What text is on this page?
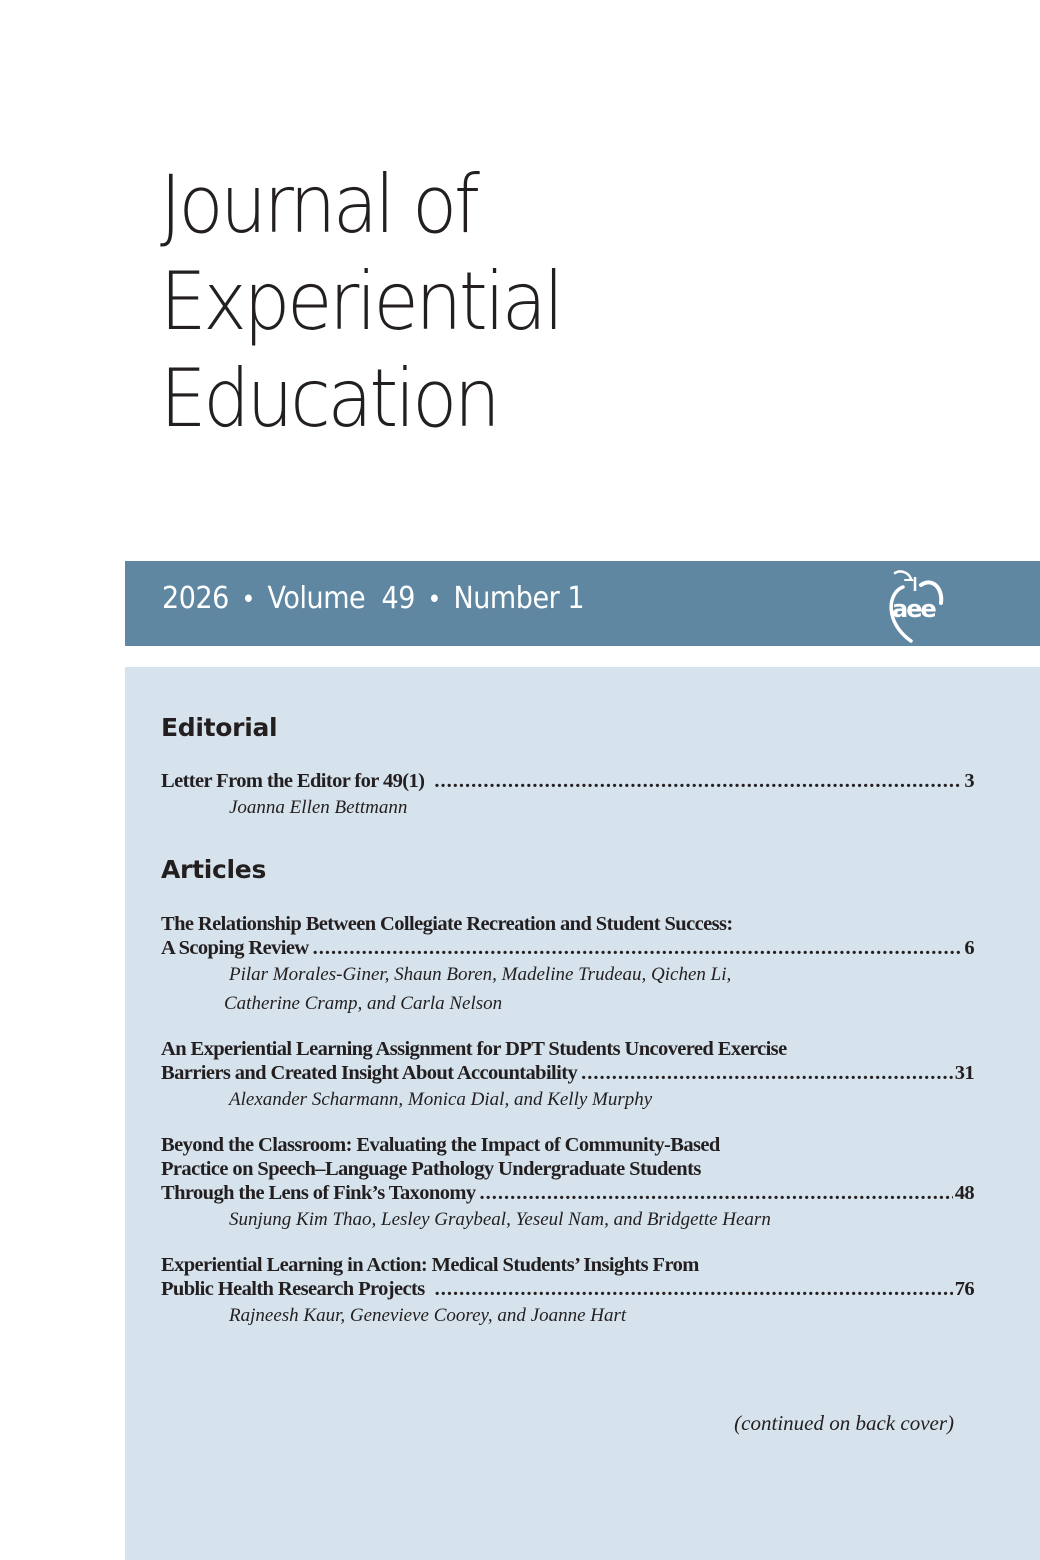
Journal of
Experiential
Education
2026 • Volume 49 • Number 1	aee
Editorial
Letter From the Editor for 49(1) .....	3
Joanna Ellen Bettmann
Articles
The Relationship Between Collegiate Recreation and Student Success:
A Scoping Review .....	6
Pilar Morales-Giner, Shaun Boren, Madeline Trudeau, Qichen Li,
Catherine Cramp, and Carla Nelson
An Experiential Learning Assignment for DPT Students Uncovered Exercise
Barriers and Created Insight About Accountability .....	31
Alexander Scharmann, Monica Dial, and Kelly Murphy
Beyond the Classroom: Evaluating the Impact of Community-Based
Practice on Speech–Language Pathology Undergraduate Students
Through the Lens of Fink’s Taxonomy .....	48
Sunjung Kim Thao, Lesley Graybeal, Yeseul Nam, and Bridgette Hearn
Experiential Learning in Action: Medical Students’ Insights From
Public Health Research Projects .....	76
Rajneesh Kaur, Genevieve Coorey, and Joanne Hart
(continued on back cover)
